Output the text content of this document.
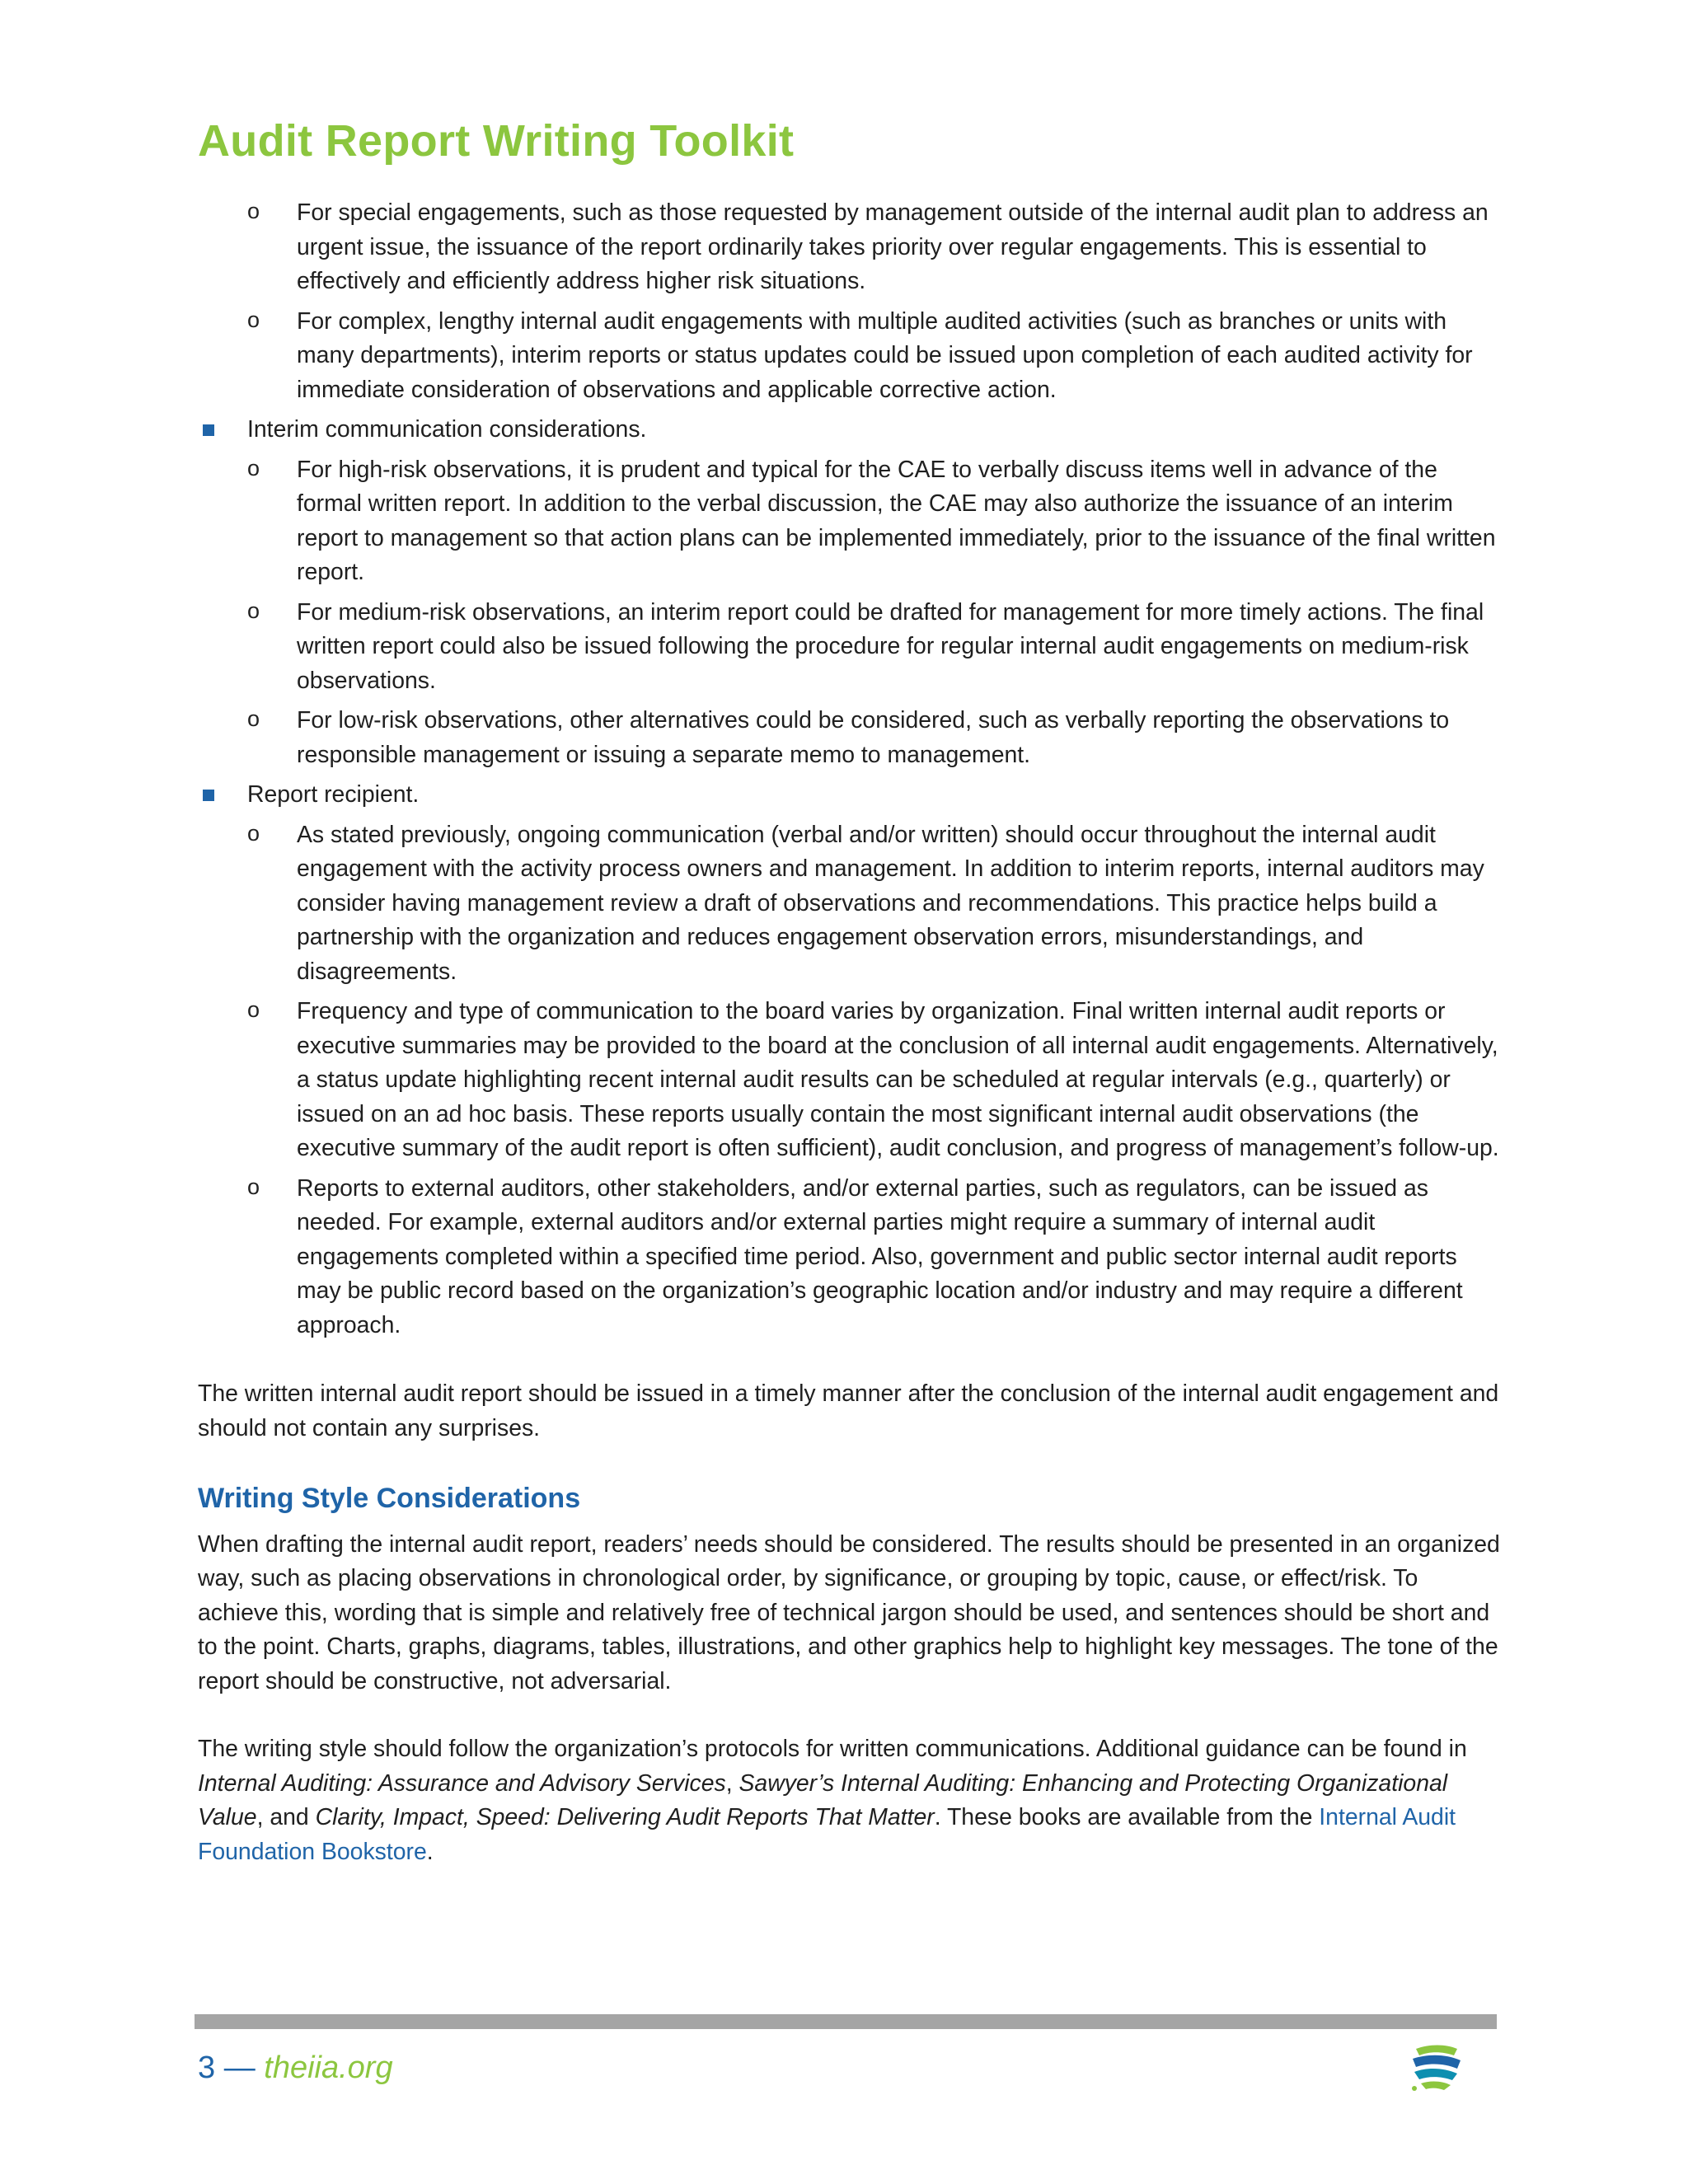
Audit Report Writing Toolkit
o For special engagements, such as those requested by management outside of the internal audit plan to address an urgent issue, the issuance of the report ordinarily takes priority over regular engagements. This is essential to effectively and efficiently address higher risk situations.
o For complex, lengthy internal audit engagements with multiple audited activities (such as branches or units with many departments), interim reports or status updates could be issued upon completion of each audited activity for immediate consideration of observations and applicable corrective action.
Interim communication considerations.
o For high-risk observations, it is prudent and typical for the CAE to verbally discuss items well in advance of the formal written report. In addition to the verbal discussion, the CAE may also authorize the issuance of an interim report to management so that action plans can be implemented immediately, prior to the issuance of the final written report.
o For medium-risk observations, an interim report could be drafted for management for more timely actions. The final written report could also be issued following the procedure for regular internal audit engagements on medium-risk observations.
o For low-risk observations, other alternatives could be considered, such as verbally reporting the observations to responsible management or issuing a separate memo to management.
Report recipient.
o As stated previously, ongoing communication (verbal and/or written) should occur throughout the internal audit engagement with the activity process owners and management. In addition to interim reports, internal auditors may consider having management review a draft of observations and recommendations. This practice helps build a partnership with the organization and reduces engagement observation errors, misunderstandings, and disagreements.
o Frequency and type of communication to the board varies by organization. Final written internal audit reports or executive summaries may be provided to the board at the conclusion of all internal audit engagements. Alternatively, a status update highlighting recent internal audit results can be scheduled at regular intervals (e.g., quarterly) or issued on an ad hoc basis. These reports usually contain the most significant internal audit observations (the executive summary of the audit report is often sufficient), audit conclusion, and progress of management’s follow-up.
o Reports to external auditors, other stakeholders, and/or external parties, such as regulators, can be issued as needed. For example, external auditors and/or external parties might require a summary of internal audit engagements completed within a specified time period. Also, government and public sector internal audit reports may be public record based on the organization’s geographic location and/or industry and may require a different approach.

The written internal audit report should be issued in a timely manner after the conclusion of the internal audit engagement and should not contain any surprises.

Writing Style Considerations

When drafting the internal audit report, readers’ needs should be considered. The results should be presented in an organized way, such as placing observations in chronological order, by significance, or grouping by topic, cause, or effect/risk. To achieve this, wording that is simple and relatively free of technical jargon should be used, and sentences should be short and to the point. Charts, graphs, diagrams, tables, illustrations, and other graphics help to highlight key messages. The tone of the report should be constructive, not adversarial.

The writing style should follow the organization’s protocols for written communications. Additional guidance can be found in Internal Auditing: Assurance and Advisory Services, Sawyer’s Internal Auditing: Enhancing and Protecting Organizational Value, and Clarity, Impact, Speed: Delivering Audit Reports That Matter. These books are available from the Internal Audit Foundation Bookstore.

3 — theiia.org
